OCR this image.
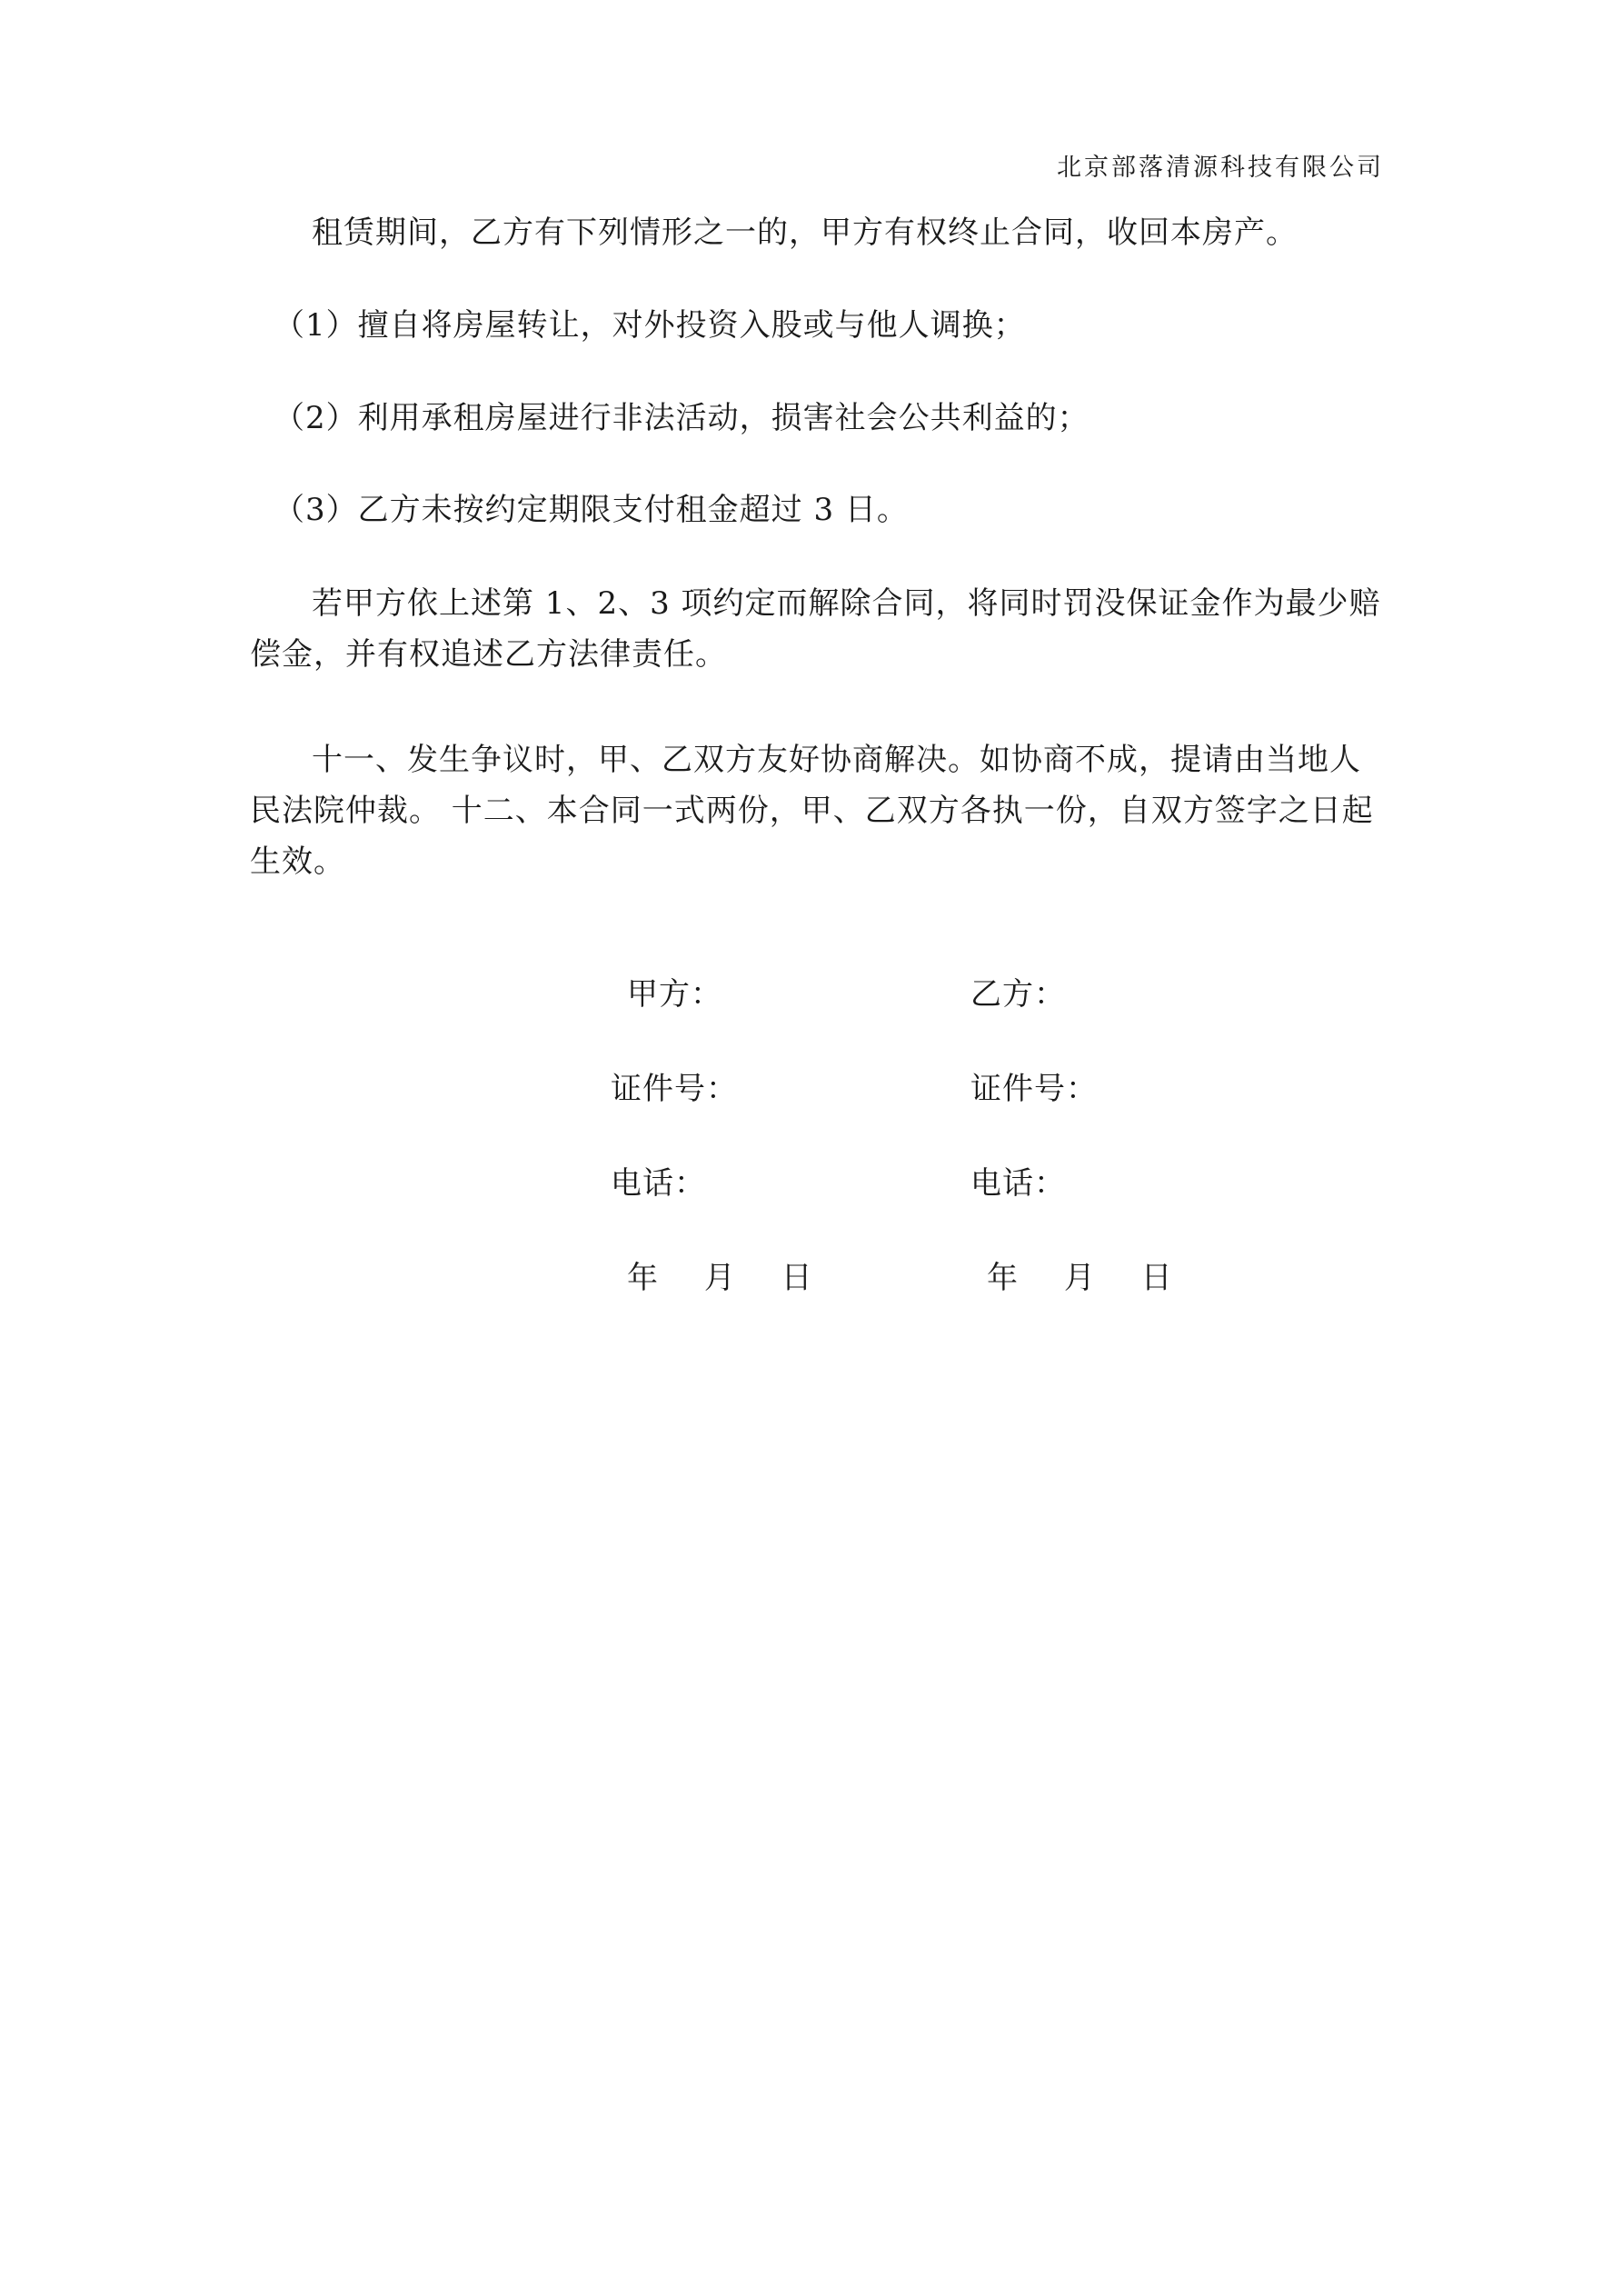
北京部落清源科技有限公司

租赁期间，乙方有下列情形之一的，甲方有权终止合同，收回本房产。

（1）擅自将房屋转让，对外投资入股或与他人调换；

（2）利用承租房屋进行非法活动，损害社会公共利益的；

（3）乙方未按约定期限支付租金超过 3 日。

若甲方依上述第 1、2、3 项约定而解除合同，将同时罚没保证金作为最少赔偿金，并有权追述乙方法律责任。

十一、发生争议时，甲、乙双方友好协商解决。如协商不成，提请由当地人民法院仲裁。 十二、本合同一式两份，甲、乙双方各执一份，自双方签字之日起生效。

甲方：
证件号：
电话：
年 月 日
乙方：
证件号：
电话：
年 月 日
